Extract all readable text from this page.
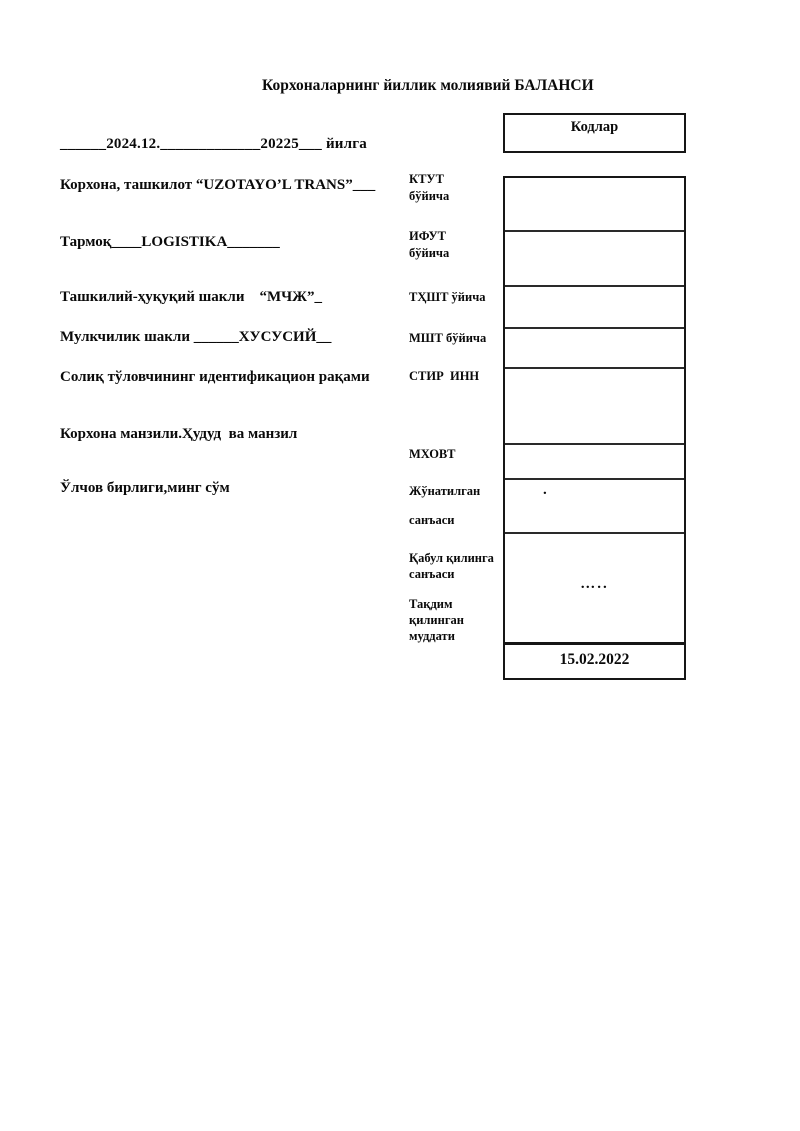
Корхоналарнинг йиллик молиявий БАЛАНСИ
______2024.12._____________20225___ йилга
Корхона, ташкилот “UZOTAYO’L TRANS”___
Тармоқ____LOGISTIKA_______
Ташкилий-ҳуқуқий шакли    “МЧЖ”_
Мулкчилик шакли ______ХУСУСИЙ__
Солиқ тўловчининг идентификацион рақами
Корхона манзили.Ҳудуд  ва манзил
Ўлчов бирлиги,минг сўм
КТУТ
бўйича
ИФУТ
бўйича
ТҲШТ ўйича
МШТ бўйича
СТИР  ИНН
МХОВТ
Жўнатилган
санъаси
Қабул қилинга
санъаси
Тақдим
қилинган
муддати
Кодлар
.
…..
15.02.2022
